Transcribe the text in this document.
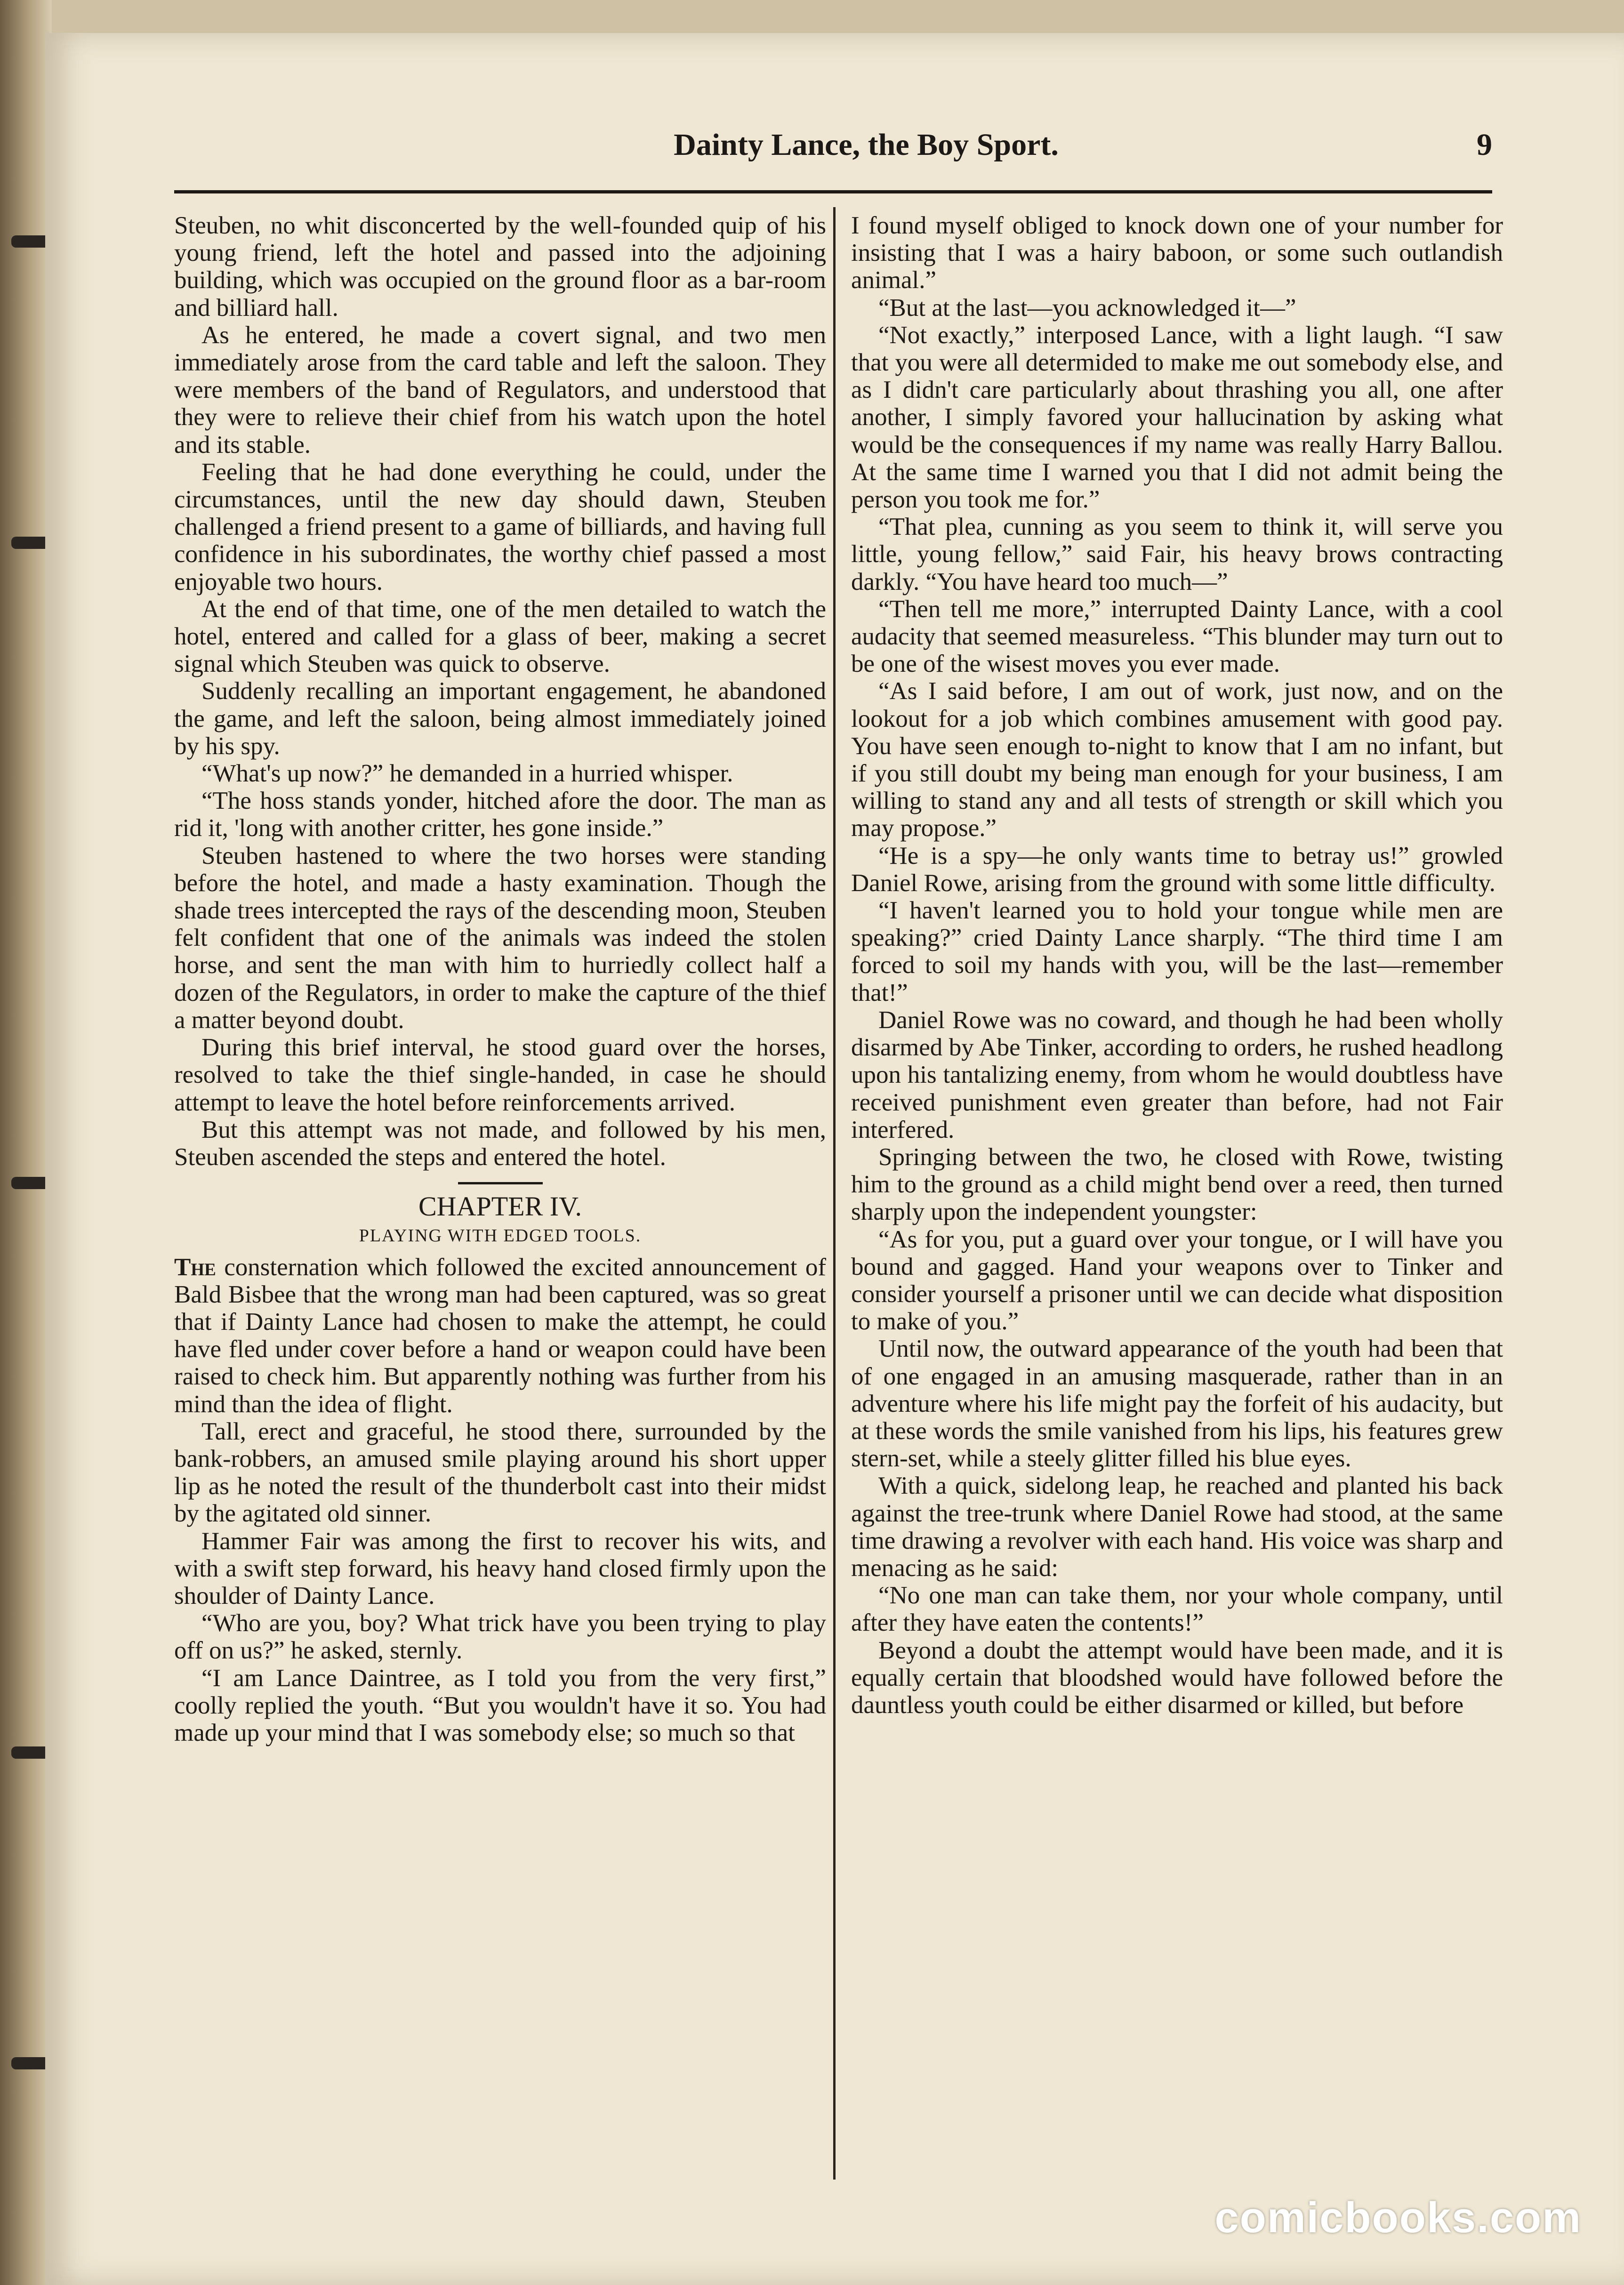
Dainty Lance, the Boy Sport.	9

Steuben, no whit disconcerted by the well-founded quip of his young friend, left the hotel and passed into the adjoining building, which was occupied on the ground floor as a bar-room and billiard hall.

As he entered, he made a covert signal, and two men immediately arose from the card table and left the saloon. They were members of the band of Regulators, and understood that they were to relieve their chief from his watch upon the hotel and its stable.

Feeling that he had done everything he could, under the circumstances, until the new day should dawn, Steuben challenged a friend present to a game of billiards, and having full confidence in his subordinates, the worthy chief passed a most enjoyable two hours.

At the end of that time, one of the men detailed to watch the hotel, entered and called for a glass of beer, making a secret signal which Steuben was quick to observe.

Suddenly recalling an important engagement, he abandoned the game, and left the saloon, being almost immediately joined by his spy.

“What's up now?” he demanded in a hurried whisper.

“The hoss stands yonder, hitched afore the door. The man as rid it, 'long with another critter, hes gone inside.”

Steuben hastened to where the two horses were standing before the hotel, and made a hasty examination. Though the shade trees intercepted the rays of the descending moon, Steuben felt confident that one of the animals was indeed the stolen horse, and sent the man with him to hurriedly collect half a dozen of the Regulators, in order to make the capture of the thief a matter beyond doubt.

During this brief interval, he stood guard over the horses, resolved to take the thief single-handed, in case he should attempt to leave the hotel before reinforcements arrived.

But this attempt was not made, and followed by his men, Steuben ascended the steps and entered the hotel.

CHAPTER IV.
PLAYING WITH EDGED TOOLS.

The consternation which followed the excited announcement of Bald Bisbee that the wrong man had been captured, was so great that if Dainty Lance had chosen to make the attempt, he could have fled under cover before a hand or weapon could have been raised to check him. But apparently nothing was further from his mind than the idea of flight.

Tall, erect and graceful, he stood there, surrounded by the bank-robbers, an amused smile playing around his short upper lip as he noted the result of the thunderbolt cast into their midst by the agitated old sinner.

Hammer Fair was among the first to recover his wits, and with a swift step forward, his heavy hand closed firmly upon the shoulder of Dainty Lance.

“Who are you, boy? What trick have you been trying to play off on us?” he asked, sternly.

“I am Lance Daintree, as I told you from the very first,” coolly replied the youth. “But you wouldn't have it so. You had made up your mind that I was somebody else; so much so that

I found myself obliged to knock down one of your number for insisting that I was a hairy baboon, or some such outlandish animal.”

“But at the last—you acknowledged it—”

“Not exactly,” interposed Lance, with a light laugh. “I saw that you were all determided to make me out somebody else, and as I didn't care particularly about thrashing you all, one after another, I simply favored your hallucination by asking what would be the consequences if my name was really Harry Ballou. At the same time I warned you that I did not admit being the person you took me for.”

“That plea, cunning as you seem to think it, will serve you little, young fellow,” said Fair, his heavy brows contracting darkly. “You have heard too much—”

“Then tell me more,” interrupted Dainty Lance, with a cool audacity that seemed measureless. “This blunder may turn out to be one of the wisest moves you ever made.

“As I said before, I am out of work, just now, and on the lookout for a job which combines amusement with good pay. You have seen enough to-night to know that I am no infant, but if you still doubt my being man enough for your business, I am willing to stand any and all tests of strength or skill which you may propose.”

“He is a spy—he only wants time to betray us!” growled Daniel Rowe, arising from the ground with some little difficulty.

“I haven't learned you to hold your tongue while men are speaking?” cried Dainty Lance sharply. “The third time I am forced to soil my hands with you, will be the last—remember that!”

Daniel Rowe was no coward, and though he had been wholly disarmed by Abe Tinker, according to orders, he rushed headlong upon his tantalizing enemy, from whom he would doubtless have received punishment even greater than before, had not Fair interfered.

Springing between the two, he closed with Rowe, twisting him to the ground as a child might bend over a reed, then turned sharply upon the independent youngster:

“As for you, put a guard over your tongue, or I will have you bound and gagged. Hand your weapons over to Tinker and consider yourself a prisoner until we can decide what disposition to make of you.”

Until now, the outward appearance of the youth had been that of one engaged in an amusing masquerade, rather than in an adventure where his life might pay the forfeit of his audacity, but at these words the smile vanished from his lips, his features grew stern-set, while a steely glitter filled his blue eyes.

With a quick, sidelong leap, he reached and planted his back against the tree-trunk where Daniel Rowe had stood, at the same time drawing a revolver with each hand. His voice was sharp and menacing as he said:

“No one man can take them, nor your whole company, until after they have eaten the contents!”

Beyond a doubt the attempt would have been made, and it is equally certain that bloodshed would have followed before the dauntless youth could be either disarmed or killed, but before

comicbooks.com
